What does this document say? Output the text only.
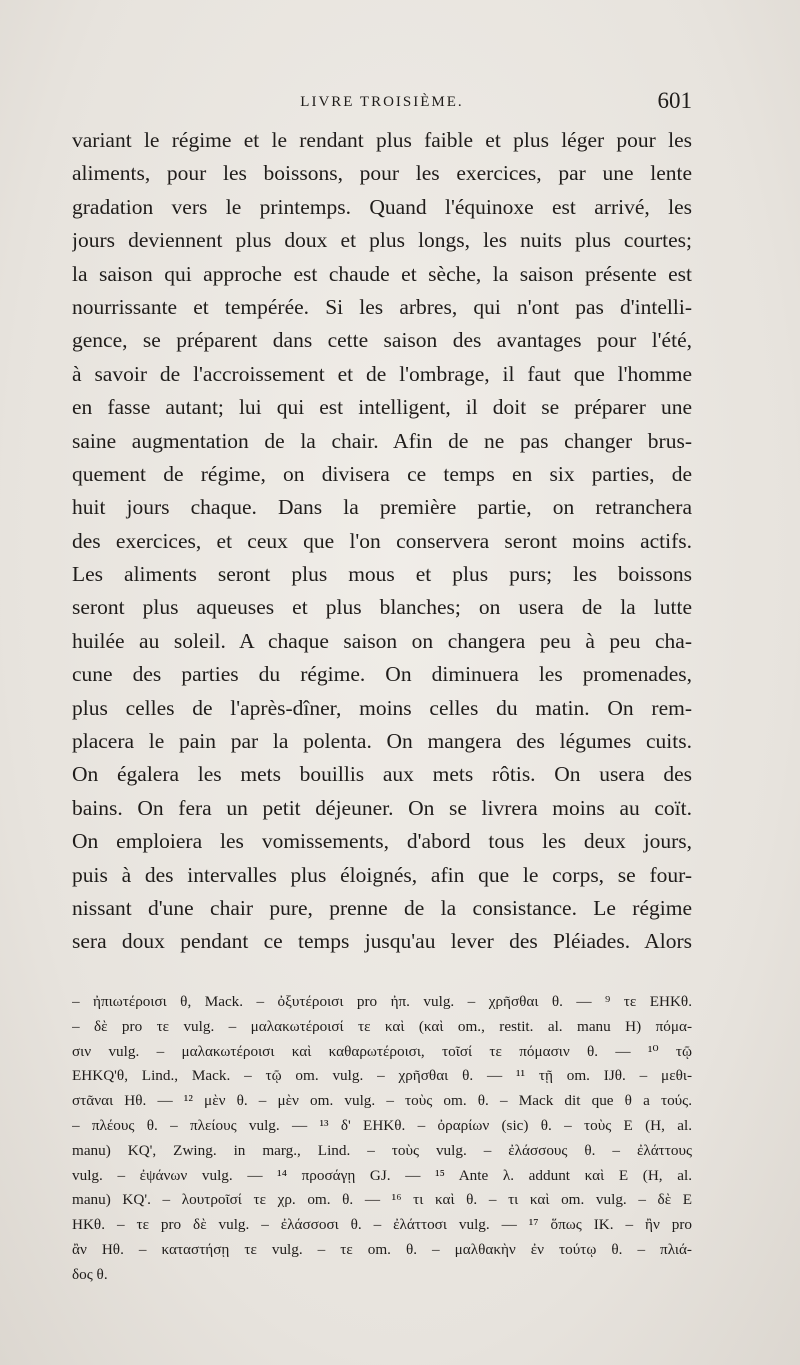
LIVRE TROISIÈME.	601
variant le régime et le rendant plus faible et plus léger pour les
aliments, pour les boissons, pour les exercices, par une lente
gradation vers le printemps. Quand l'équinoxe est arrivé, les
jours deviennent plus doux et plus longs, les nuits plus courtes;
la saison qui approche est chaude et sèche, la saison présente est
nourrissante et tempérée. Si les arbres, qui n'ont pas d'intelli-
gence, se préparent dans cette saison des avantages pour l'été,
à savoir de l'accroissement et de l'ombrage, il faut que l'homme
en fasse autant; lui qui est intelligent, il doit se préparer une
saine augmentation de la chair. Afin de ne pas changer brus-
quement de régime, on divisera ce temps en six parties, de
huit jours chaque. Dans la première partie, on retranchera
des exercices, et ceux que l'on conservera seront moins actifs.
Les aliments seront plus mous et plus purs; les boissons
seront plus aqueuses et plus blanches; on usera de la lutte
huilée au soleil. A chaque saison on changera peu à peu cha-
cune des parties du régime. On diminuera les promenades,
plus celles de l'après-dîner, moins celles du matin. On rem-
placera le pain par la polenta. On mangera des légumes cuits.
On égalera les mets bouillis aux mets rôtis. On usera des
bains. On fera un petit déjeuner. On se livrera moins au coït.
On emploiera les vomissements, d'abord tous les deux jours,
puis à des intervalles plus éloignés, afin que le corps, se four-
nissant d'une chair pure, prenne de la consistance. Le régime
sera doux pendant ce temps jusqu'au lever des Pléiades. Alors
– ἠπιωτέροισι θ, Mack. – ὀξυτέροισι pro ἠπ. vulg. – χρῆσθαι θ. — ⁹ τε EHKθ.
– δὲ pro τε vulg. – μαλακωτέροισί τε καὶ (καὶ om., restit. al. manu H) πόμα-
σιν vulg. – μαλακωτέροισι καὶ καθαρωτέροισι, τοῖσί τε πόμασιν θ. — ¹⁰ τῷ
EHKQ'θ, Lind., Mack. – τῷ om. vulg. – χρῆσθαι θ. — ¹¹ τῇ om. IJθ. – μεθι-
στᾶναι Hθ. — ¹² μὲν θ. – μὲν om. vulg. – τοὺς om. θ. – Mack dit que θ a τούς.
– πλέους θ. – πλείους vulg. — ¹³ δ' EHKθ. – ὀραρίων (sic) θ. – τοὺς E (H, al.
manu) KQ', Zwing. in marg., Lind. – τοὺς vulg. – ἐλάσσους θ. – ἐλάττους
vulg. – ἐψάνων vulg. — ¹⁴ προσάγῃ GJ. — ¹⁵ Ante λ. addunt καὶ E (H, al.
manu) KQ'. – λουτροῖσί τε χρ. om. θ. — ¹⁶ τι καὶ θ. – τι καὶ om. vulg. – δὲ E
HKθ. – τε pro δὲ vulg. – ἐλάσσοσι θ. – ἐλάττοσι vulg. — ¹⁷ ὅπως IK. – ἢν pro
ἂν Hθ. – καταστήσῃ τε vulg. – τε om. θ. – μαλθακὴν ἐν τούτῳ θ. – πλιά-
δος θ.
